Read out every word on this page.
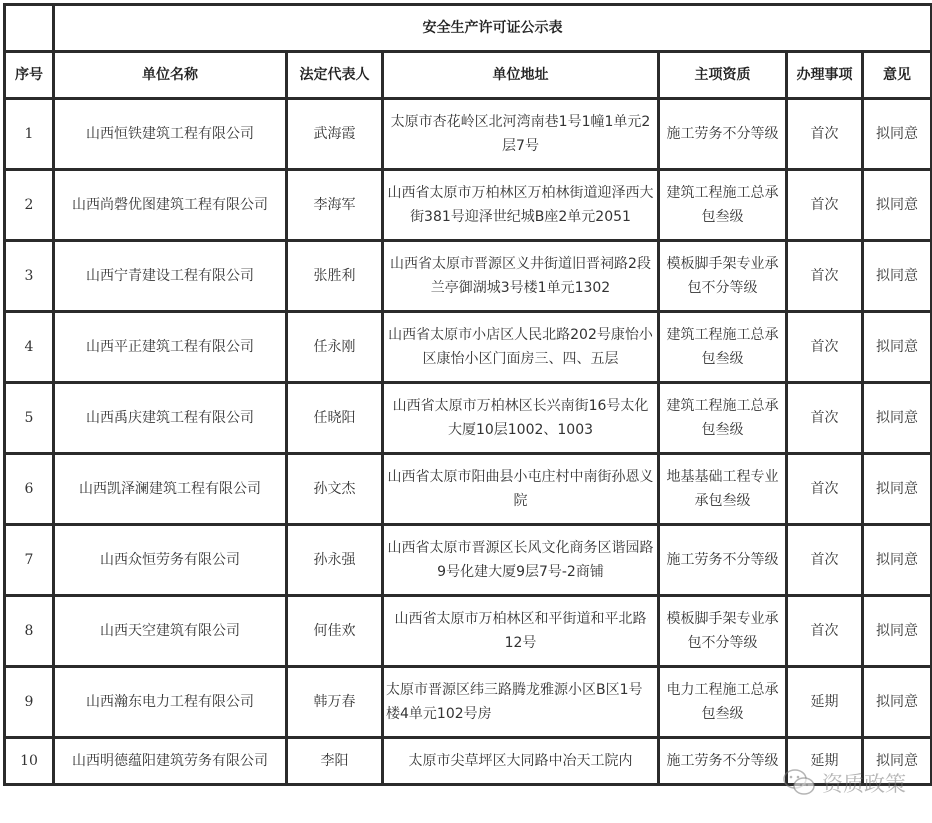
	安全生产许可证公示表					
序号	单位名称	法定代表人	单位地址	主项资质	办理事项	意见
1	山西恒铁建筑工程有限公司	武海霞	太原市杏花岭区北河湾南巷1号1幢1单元2层7号	施工劳务不分等级	首次	拟同意
2	山西尚磬优图建筑工程有限公司	李海军	山西省太原市万柏林区万柏林街道迎泽西大街381号迎泽世纪城B座2单元2051	建筑工程施工总承包叁级	首次	拟同意
3	山西宁青建设工程有限公司	张胜利	山西省太原市晋源区义井街道旧晋祠路2段兰亭御湖城3号楼1单元1302	模板脚手架专业承包不分等级	首次	拟同意
4	山西平正建筑工程有限公司	任永刚	山西省太原市小店区人民北路202号康怡小区康怡小区门面房三、四、五层	建筑工程施工总承包叁级	首次	拟同意
5	山西禹庆建筑工程有限公司	任晓阳	山西省太原市万柏林区长兴南街16号太化大厦10层1002、1003	建筑工程施工总承包叁级	首次	拟同意
6	山西凯泽澜建筑工程有限公司	孙文杰	山西省太原市阳曲县小屯庄村中南街孙恩义院	地基基础工程专业承包叁级	首次	拟同意
7	山西众恒劳务有限公司	孙永强	山西省太原市晋源区长风文化商务区谐园路9号化建大厦9层7号-2商铺	施工劳务不分等级	首次	拟同意
8	山西天空建筑有限公司	何佳欢	山西省太原市万柏林区和平街道和平北路12号	模板脚手架专业承包不分等级	首次	拟同意
9	山西瀚东电力工程有限公司	韩万春	太原市晋源区纬三路腾龙雅源小区B区1号楼4单元102号房	电力工程施工总承包叁级	延期	拟同意
10	山西明德蕴阳建筑劳务有限公司	李阳	太原市尖草坪区大同路中冶天工院内	施工劳务不分等级	延期	拟同意
资质政策
